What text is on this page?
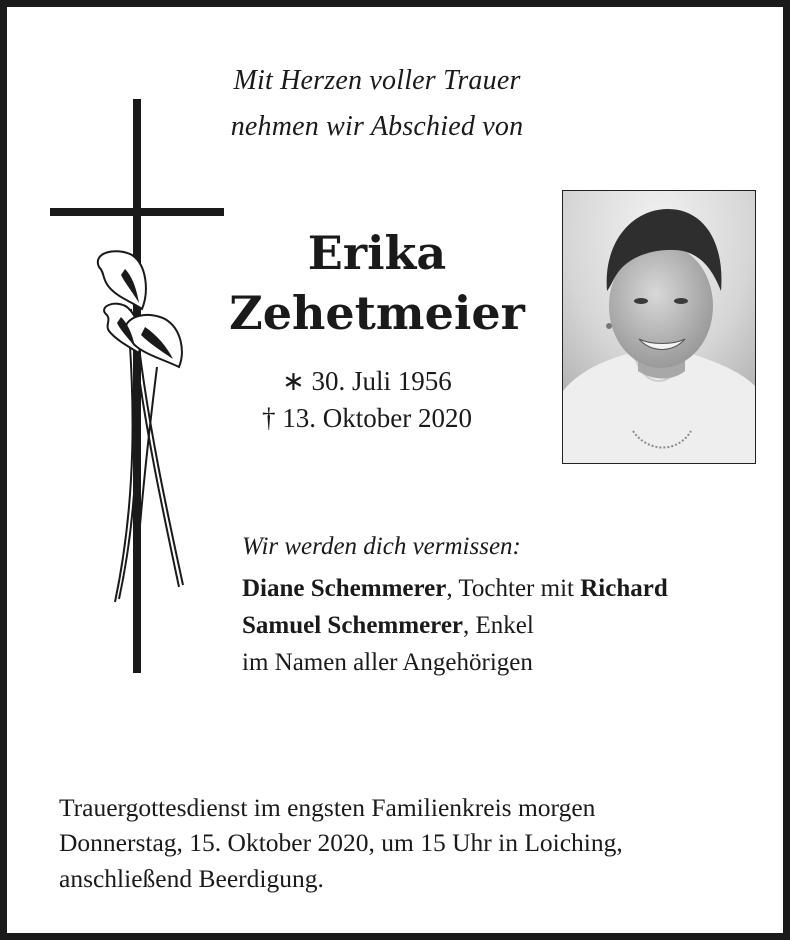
Mit Herzen voller Trauer
nehmen wir Abschied von
Erika
Zehetmeier
∗ 30. Juli 1956
† 13. Oktober 2020
Wir werden dich vermissen:
Diane Schemmerer, Tochter mit Richard
Samuel Schemmerer, Enkel
im Namen aller Angehörigen
Trauergottesdienst im engsten Familienkreis morgen
Donnerstag, 15. Oktober 2020, um 15 Uhr in Loiching,
anschließend Beerdigung.
